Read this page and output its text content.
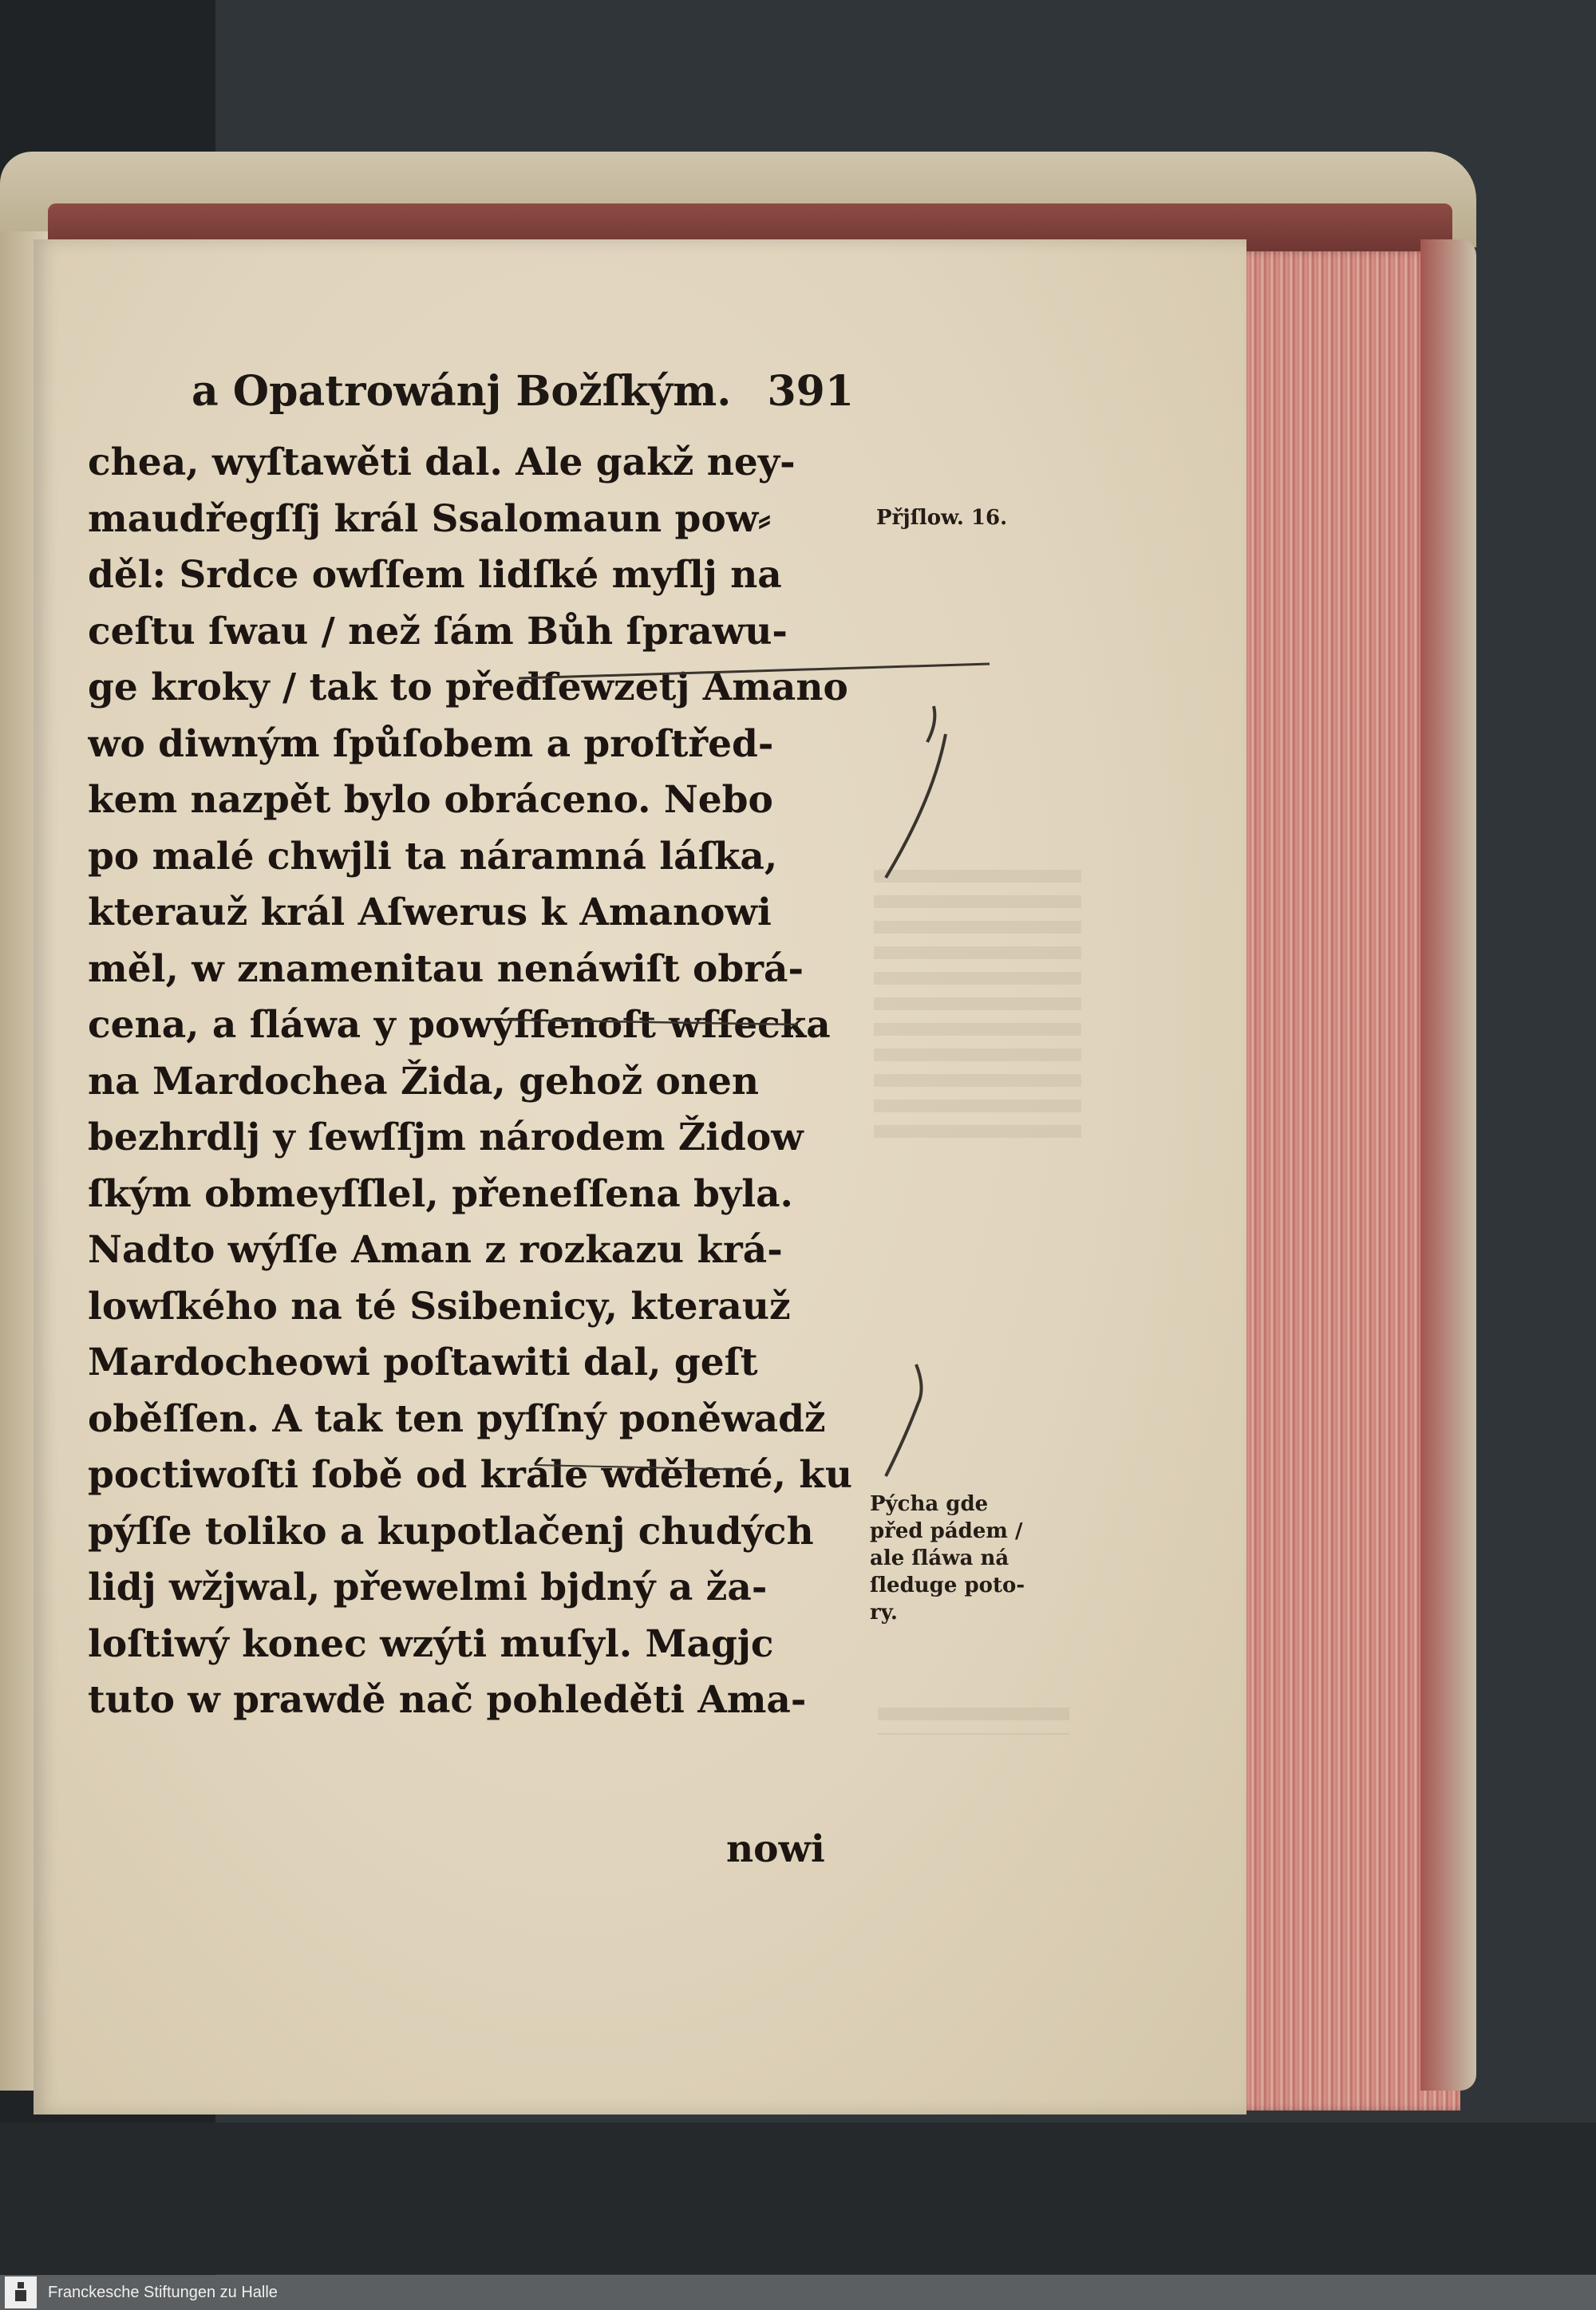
a Opatrowánj Božſkým. 391
chea, wyſtawěti dal. Ale gakž ney-
maudřegſſj král Ssalomaun pow⸗
děl: Srdce owſſem lidſké myſlj na
ceſtu ſwau / než ſám Bůh ſprawu-
ge kroky / tak to předſewzetj Amano
wo diwným ſpůſobem a proſtřed-
kem nazpět bylo obráceno. Nebo
po malé chwjli ta náramná láſka,
kterauž král Aſwerus k Amanowi
měl, w znamenitau nenáwiſt obrá-
cena, a ſláwa y powýſſenoſt wſſecka
na Mardochea Žida, gehož onen
bezhrdlj y ſewſſjm národem Židow
ſkým obmeyſſlel, přeneſſena byla.
Nadto wýſſe Aman z rozkazu krá-
lowſkého na té Ssibenicy, kterauž
Mardocheowi poſtawiti dal, geſt
oběſſen. A tak ten pyſſný poněwadž
poctiwoſti ſobě od krále wdělené, ku
pýſſe toliko a kupotlačenj chudých
lidj wžjwal, přewelmi bjdný a ža-
loſtiwý konec wzýti muſyl. Magjc
tuto w prawdě nač pohleděti Ama-
nowi
Přjſlow. 16.
Pýcha gde
před pádem /
ale ſláwa ná
ſleduge poto-
ry.
Franckesche Stiftungen zu Halle
